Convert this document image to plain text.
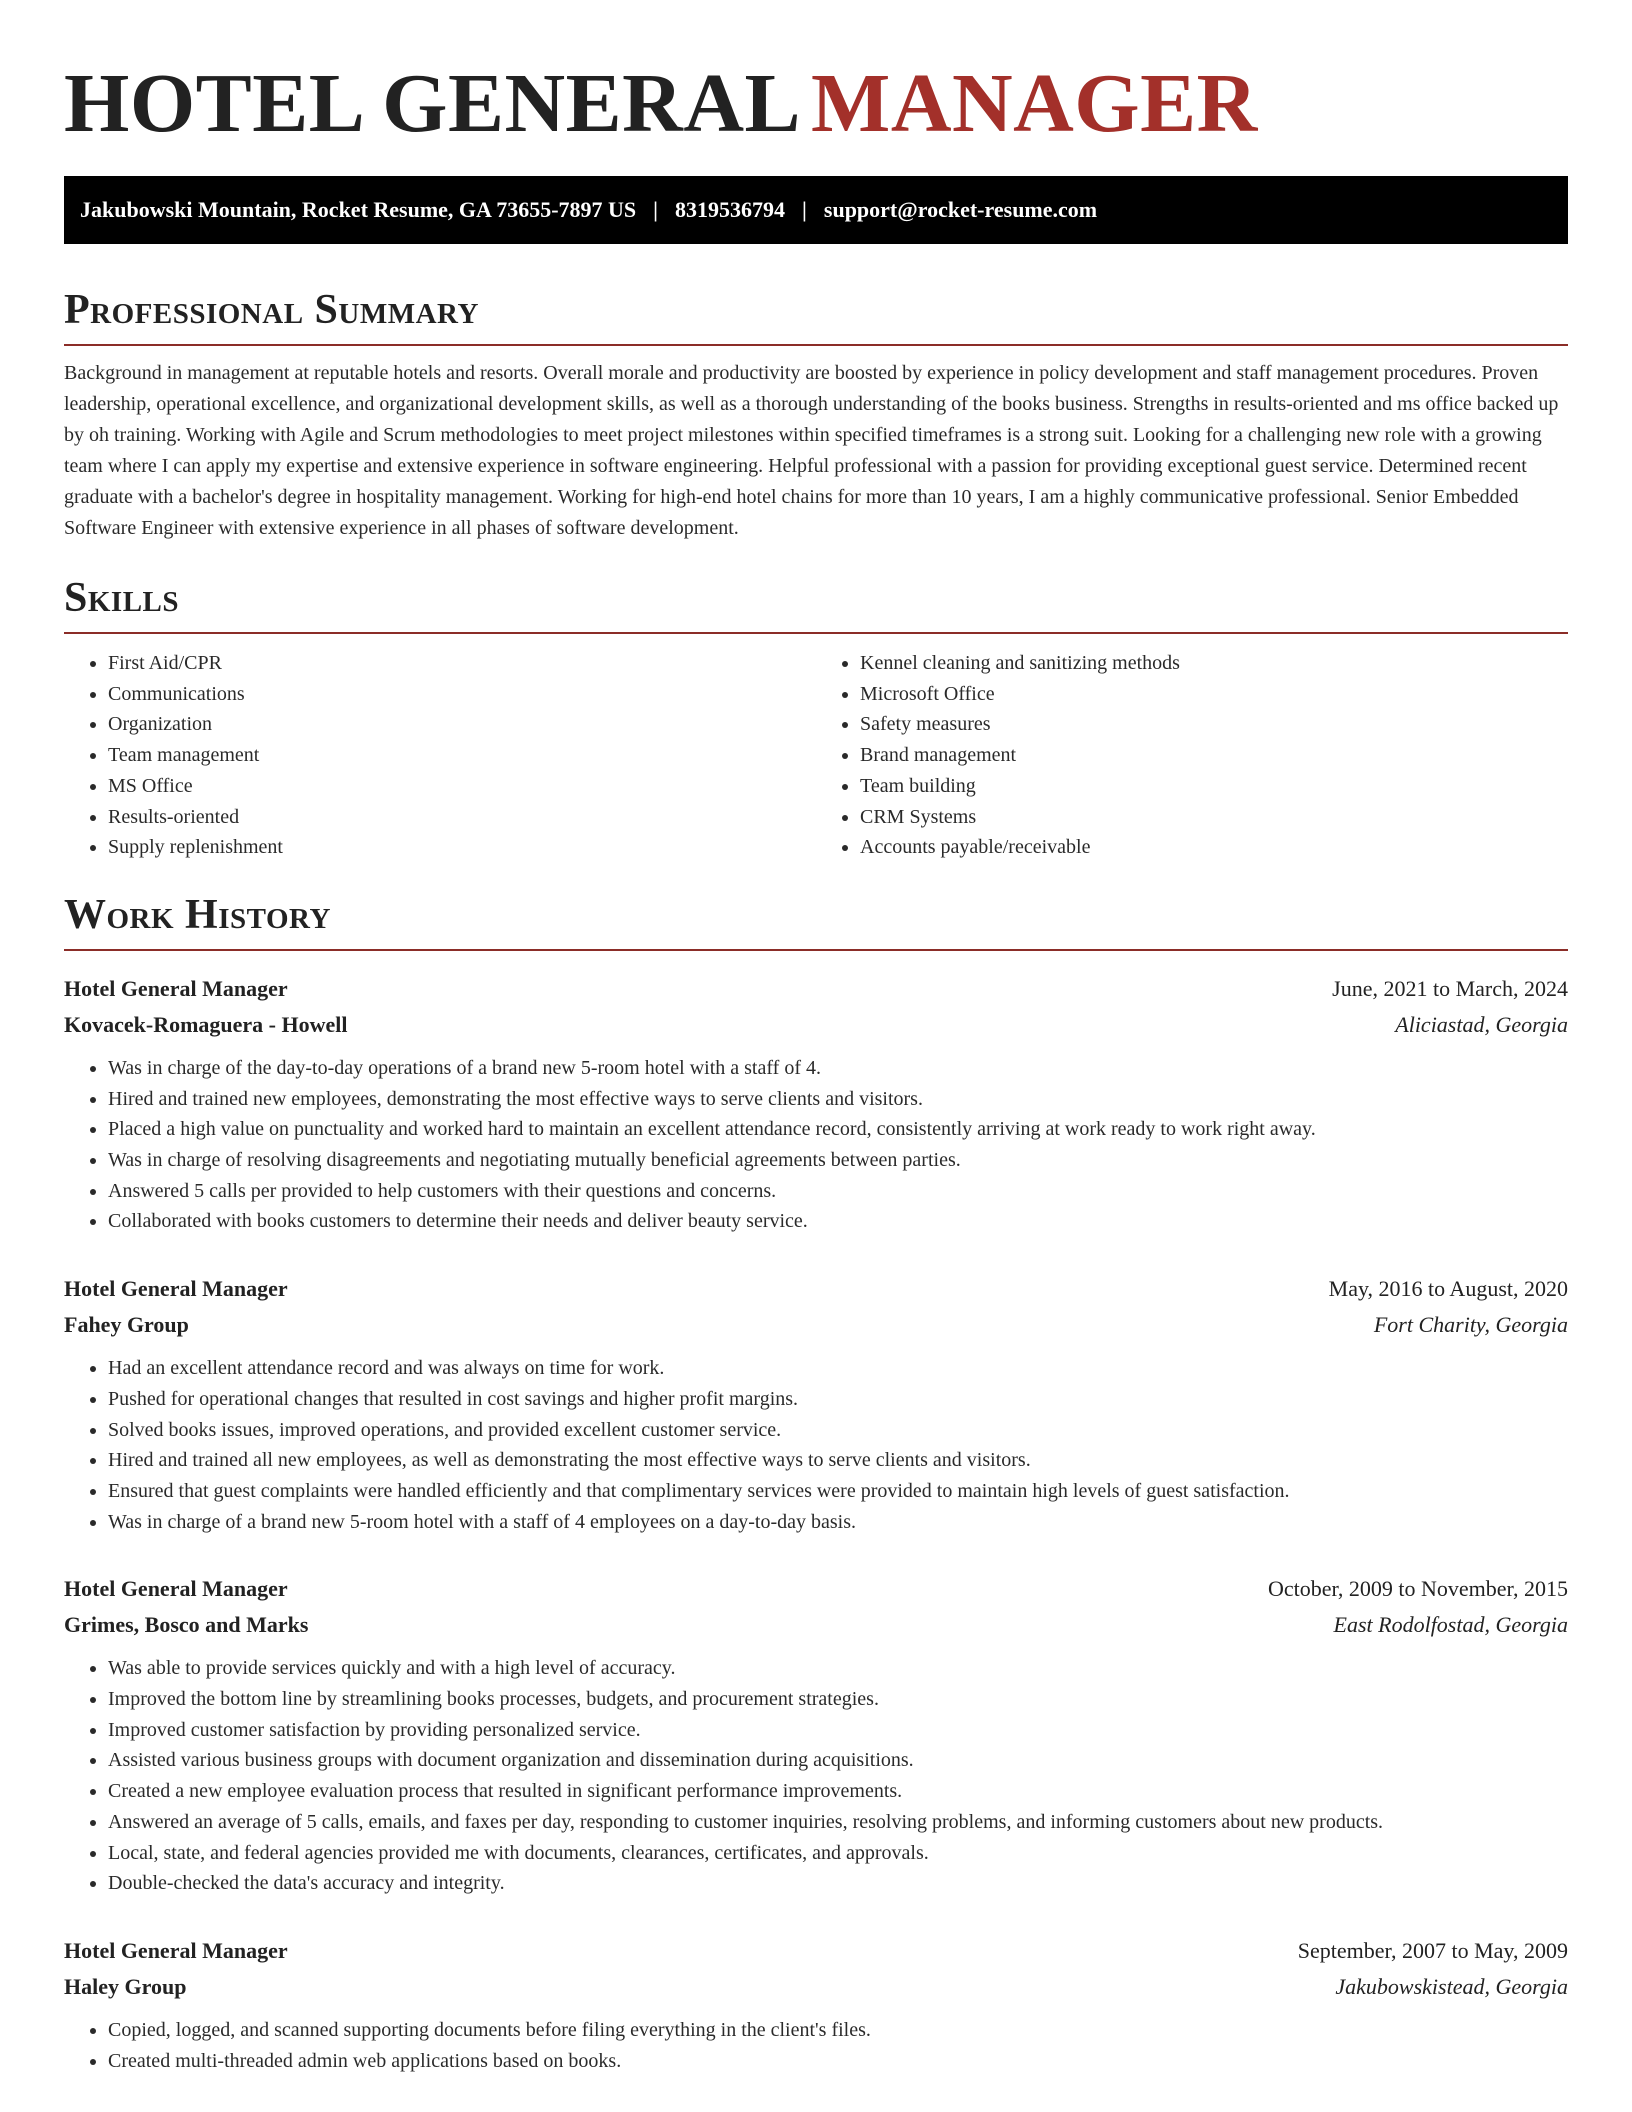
HOTEL GENERAL MANAGER
Jakubowski Mountain, Rocket Resume, GA 73655-7897 US | 8319536794 | support@rocket-resume.com
Professional Summary

Background in management at reputable hotels and resorts. Overall morale and productivity are boosted by experience in policy development and staff management procedures. Proven leadership, operational excellence, and organizational development skills, as well as a thorough understanding of the books business. Strengths in results-oriented and ms office backed up by oh training. Working with Agile and Scrum methodologies to meet project milestones within specified timeframes is a strong suit. Looking for a challenging new role with a growing team where I can apply my expertise and extensive experience in software engineering. Helpful professional with a passion for providing exceptional guest service. Determined recent graduate with a bachelor's degree in hospitality management. Working for high-end hotel chains for more than 10 years, I am a highly communicative professional. Senior Embedded Software Engineer with extensive experience in all phases of software development.

Skills
• First Aid/CPR
• Communications
• Organization
• Team management
• MS Office
• Results-oriented
• Supply replenishment
• Kennel cleaning and sanitizing methods
• Microsoft Office
• Safety measures
• Brand management
• Team building
• CRM Systems
• Accounts payable/receivable
Work History
Hotel General Manager	June, 2021 to March, 2024
Kovacek-Romaguera - Howell	Aliciastad, Georgia
• Was in charge of the day-to-day operations of a brand new 5-room hotel with a staff of 4.
• Hired and trained new employees, demonstrating the most effective ways to serve clients and visitors.
• Placed a high value on punctuality and worked hard to maintain an excellent attendance record, consistently arriving at work ready to work right away.
• Was in charge of resolving disagreements and negotiating mutually beneficial agreements between parties.
• Answered 5 calls per provided to help customers with their questions and concerns.
• Collaborated with books customers to determine their needs and deliver beauty service.
Hotel General Manager	May, 2016 to August, 2020
Fahey Group	Fort Charity, Georgia
• Had an excellent attendance record and was always on time for work.
• Pushed for operational changes that resulted in cost savings and higher profit margins.
• Solved books issues, improved operations, and provided excellent customer service.
• Hired and trained all new employees, as well as demonstrating the most effective ways to serve clients and visitors.
• Ensured that guest complaints were handled efficiently and that complimentary services were provided to maintain high levels of guest satisfaction.
• Was in charge of a brand new 5-room hotel with a staff of 4 employees on a day-to-day basis.
Hotel General Manager	October, 2009 to November, 2015
Grimes, Bosco and Marks	East Rodolfostad, Georgia
• Was able to provide services quickly and with a high level of accuracy.
• Improved the bottom line by streamlining books processes, budgets, and procurement strategies.
• Improved customer satisfaction by providing personalized service.
• Assisted various business groups with document organization and dissemination during acquisitions.
• Created a new employee evaluation process that resulted in significant performance improvements.
• Answered an average of 5 calls, emails, and faxes per day, responding to customer inquiries, resolving problems, and informing customers about new products.
• Local, state, and federal agencies provided me with documents, clearances, certificates, and approvals.
• Double-checked the data's accuracy and integrity.
Hotel General Manager	September, 2007 to May, 2009
Haley Group	Jakubowskistead, Georgia
• Copied, logged, and scanned supporting documents before filing everything in the client's files.
• Created multi-threaded admin web applications based on books.
